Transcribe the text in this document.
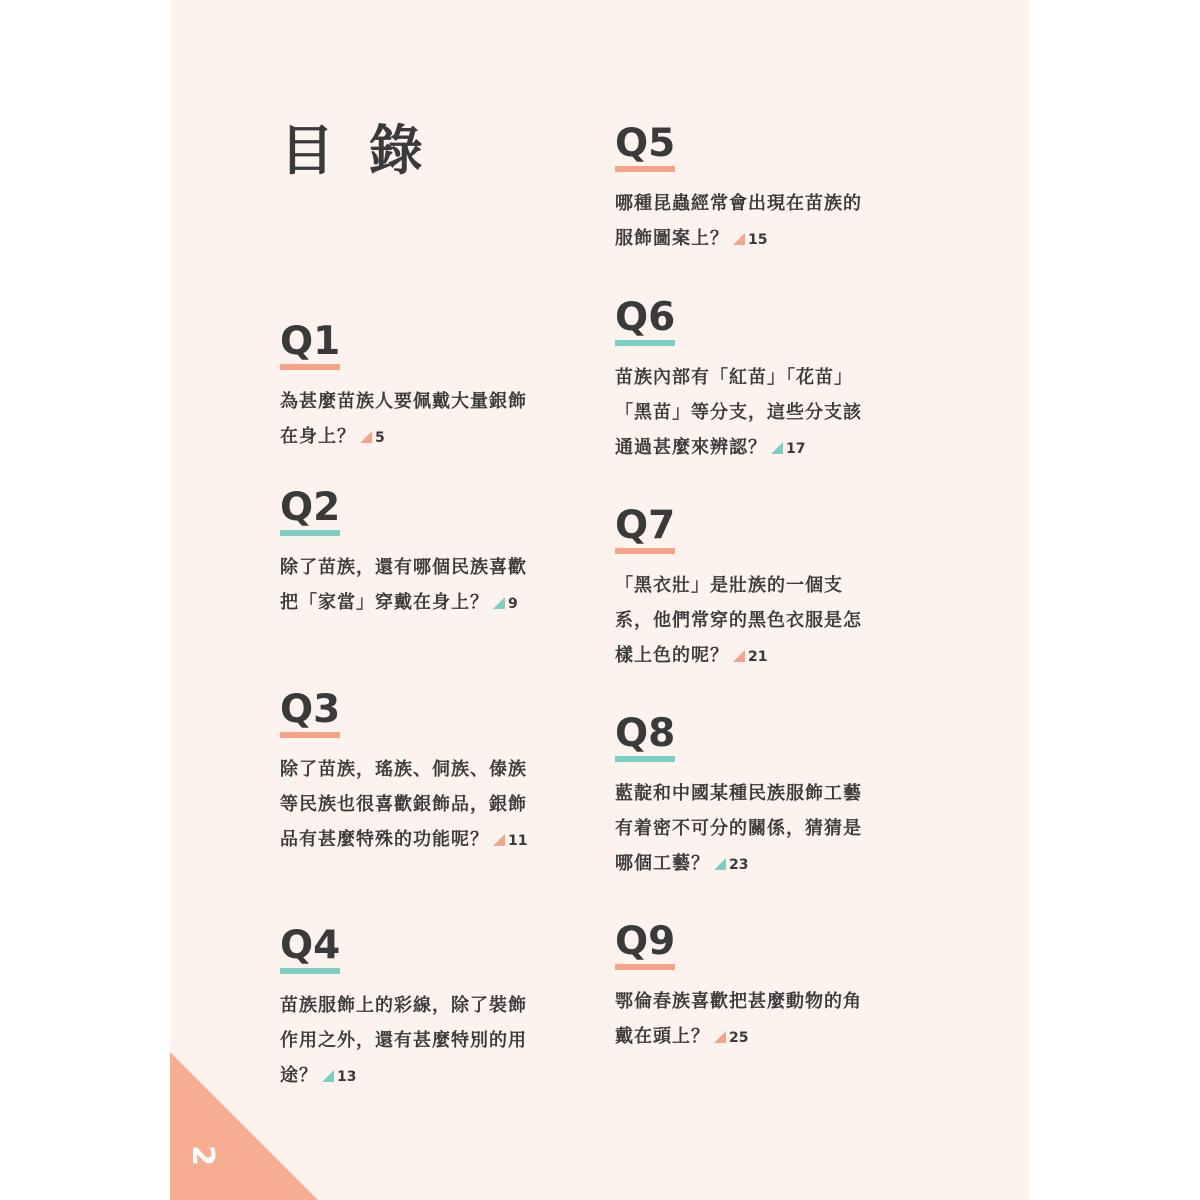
目 錄
Q1
為甚麼苗族人要佩戴大量銀飾在身上？ 5
Q2
除了苗族，還有哪個民族喜歡把「家當」穿戴在身上？ 9
Q3
除了苗族，瑤族、侗族、傣族等民族也很喜歡銀飾品，銀飾品有甚麼特殊的功能呢？ 11
Q4
苗族服飾上的彩線，除了裝飾作用之外，還有甚麼特別的用途？ 13
Q5
哪種昆蟲經常會出現在苗族的服飾圖案上？ 15
Q6
苗族內部有「紅苗」「花苗」「黑苗」等分支，這些分支該通過甚麼來辨認？ 17
Q7
「黑衣壯」是壯族的一個支系，他們常穿的黑色衣服是怎樣上色的呢？ 21
Q8
藍靛和中國某種民族服飾工藝有着密不可分的關係，猜猜是哪個工藝？ 23
Q9
鄂倫春族喜歡把甚麼動物的角戴在頭上？ 25
2
